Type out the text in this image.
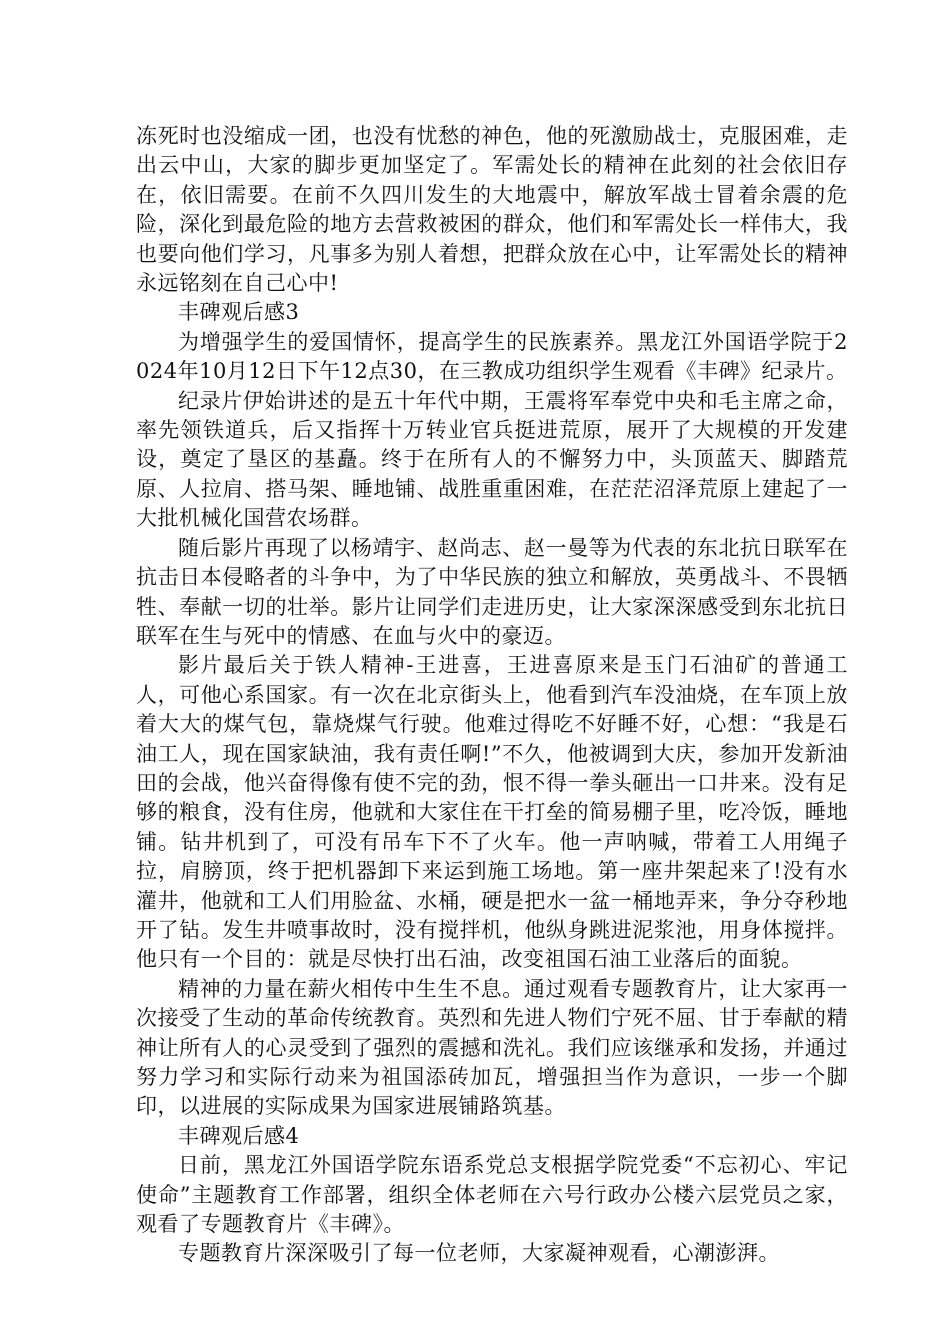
冻死时也没缩成一团，也没有忧愁的神色，他的死激励战士，克服困难，走出云中山，大家的脚步更加坚定了。军需处长的精神在此刻的社会依旧存在，依旧需要。在前不久四川发生的大地震中，解放军战士冒着余震的危险，深化到最危险的地方去营救被困的群众，他们和军需处长一样伟大，我也要向他们学习，凡事多为别人着想，把群众放在心中，让军需处长的精神永远铭刻在自己心中!

丰碑观后感3

为增强学生的爱国情怀，提高学生的民族素养。黑龙江外国语学院于2024年10月12日下午12点30，在三教成功组织学生观看《丰碑》纪录片。

纪录片伊始讲述的是五十年代中期，王震将军奉党中央和毛主席之命，率先领铁道兵，后又指挥十万转业官兵挺进荒原，展开了大规模的开发建设，奠定了垦区的基矗。终于在所有人的不懈努力中，头顶蓝天、脚踏荒原、人拉肩、搭马架、睡地铺、战胜重重困难，在茫茫沼泽荒原上建起了一大批机械化国营农场群。

随后影片再现了以杨靖宇、赵尚志、赵一曼等为代表的东北抗日联军在抗击日本侵略者的斗争中，为了中华民族的独立和解放，英勇战斗、不畏牺牲、奉献一切的壮举。影片让同学们走进历史，让大家深深感受到东北抗日联军在生与死中的情感、在血与火中的豪迈。

影片最后关于铁人精神-王进喜，王进喜原来是玉门石油矿的普通工人，可他心系国家。有一次在北京街头上，他看到汽车没油烧，在车顶上放着大大的煤气包，靠烧煤气行驶。他难过得吃不好睡不好，心想：“我是石油工人，现在国家缺油，我有责任啊!”不久，他被调到大庆，参加开发新油田的会战，他兴奋得像有使不完的劲，恨不得一拳头砸出一口井来。没有足够的粮食，没有住房，他就和大家住在干打垒的简易棚子里，吃冷饭，睡地铺。钻井机到了，可没有吊车下不了火车。他一声呐喊，带着工人用绳子拉，肩膀顶，终于把机器卸下来运到施工场地。第一座井架起来了!没有水灌井，他就和工人们用脸盆、水桶，硬是把水一盆一桶地弄来，争分夺秒地开了钻。发生井喷事故时，没有搅拌机，他纵身跳进泥浆池，用身体搅拌。他只有一个目的：就是尽快打出石油，改变祖国石油工业落后的面貌。

精神的力量在薪火相传中生生不息。通过观看专题教育片，让大家再一次接受了生动的革命传统教育。英烈和先进人物们宁死不屈、甘于奉献的精神让所有人的心灵受到了强烈的震撼和洗礼。我们应该继承和发扬，并通过努力学习和实际行动来为祖国添砖加瓦，增强担当作为意识，一步一个脚印，以进展的实际成果为国家进展铺路筑基。

丰碑观后感4

日前，黑龙江外国语学院东语系党总支根据学院党委“不忘初心、牢记使命”主题教育工作部署，组织全体老师在六号行政办公楼六层党员之家，观看了专题教育片《丰碑》。

专题教育片深深吸引了每一位老师，大家凝神观看，心潮澎湃。
